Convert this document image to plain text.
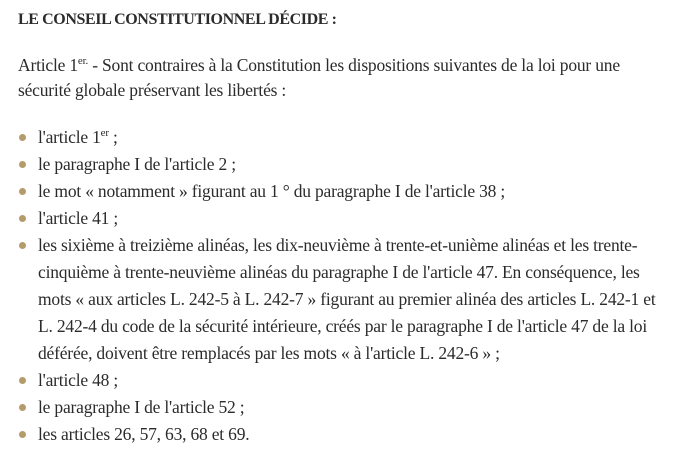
LE CONSEIL CONSTITUTIONNEL DÉCIDE :

Article $1^{er.}$ - Sont contraires à la Constitution les dispositions suivantes de la loi pour une sécurité globale préservant les libertés :

l'article 1er ;
le paragraphe I de l'article 2 ;
le mot « notamment » figurant au 1 ° du paragraphe I de l'article 38 ;
l'article 41 ;
les sixième à treizième alinéas, les dix-neuvième à trente-et-unième alinéas et les trente-cinquième à trente-neuvième alinéas du paragraphe I de l'article 47. En conséquence, les mots « aux articles L. 242-5 à L. 242-7 » figurant au premier alinéa des articles L. 242-1 et L. 242-4 du code de la sécurité intérieure, créés par le paragraphe I de l'article 47 de la loi déférée, doivent être remplacés par les mots « à l'article L. 242-6 » ;
l'article 48 ;
le paragraphe I de l'article 52 ;
les articles 26, 57, 63, 68 et 69.
